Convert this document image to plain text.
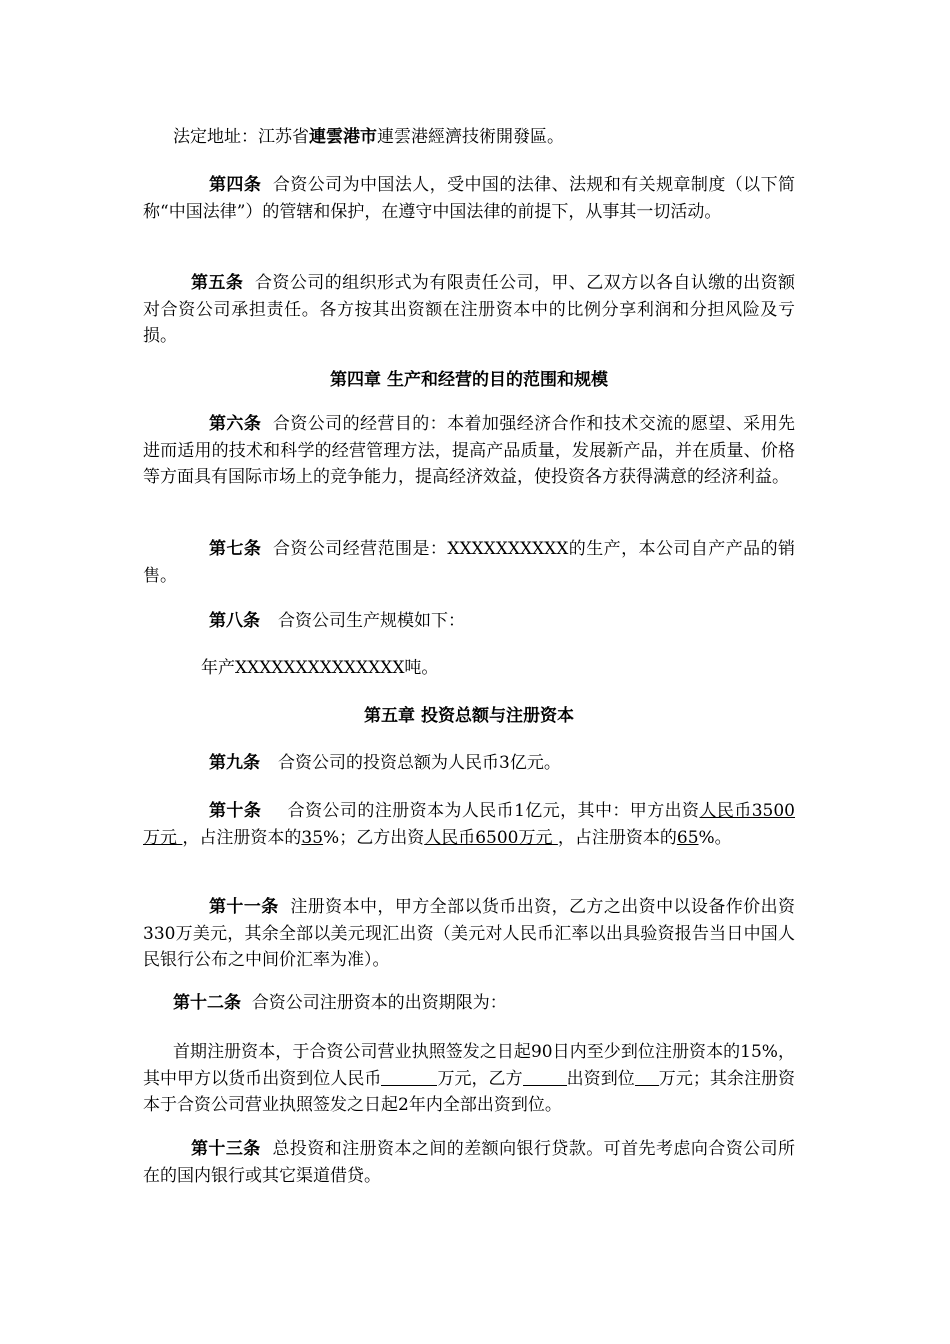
法定地址：江苏省連雲港市連雲港經濟技術開發區。

第四条 合资公司为中国法人，受中国的法律、法规和有关规章制度（以下简称“中国法律”）的管辖和保护，在遵守中国法律的前提下，从事其一切活动。

第五条 合资公司的组织形式为有限责任公司，甲、乙双方以各自认缴的出资额对合资公司承担责任。各方按其出资额在注册资本中的比例分享利润和分担风险及亏损。

第四章 生产和经营的目的范围和规模

第六条 合资公司的经营目的：本着加强经济合作和技术交流的愿望、采用先进而适用的技术和科学的经营管理方法，提高产品质量，发展新产品，并在质量、价格等方面具有国际市场上的竞争能力，提高经济效益，使投资各方获得满意的经济利益。

第七条 合资公司经营范围是：XXXXXXXXXX的生产，本公司自产产品的销售。

第八条 合资公司生产规模如下：

年产XXXXXXXXXXXXXX吨。

第五章 投资总额与注册资本

第九条 合资公司的投资总额为人民币3亿元。

第十条 合资公司的注册资本为人民币1亿元，其中：甲方出资人民币3500万元 ，占注册资本的35%；乙方出资人民币6500万元 ，占注册资本的65%。

第十一条 注册资本中，甲方全部以货币出资，乙方之出资中以设备作价出资330万美元，其余全部以美元现汇出资（美元对人民币汇率以出具验资报告当日中国人民银行公布之中间价汇率为准）。

第十二条 合资公司注册资本的出资期限为：

首期注册资本，于合资公司营业执照签发之日起90日内至少到位注册资本的15%，其中甲方以货币出资到位人民币	万元，乙方	出资到位 万元；其余注册资本于合资公司营业执照签发之日起2年内全部出资到位。

第十三条 总投资和注册资本之间的差额向银行贷款。可首先考虑向合资公司所在的国内银行或其它渠道借贷。
